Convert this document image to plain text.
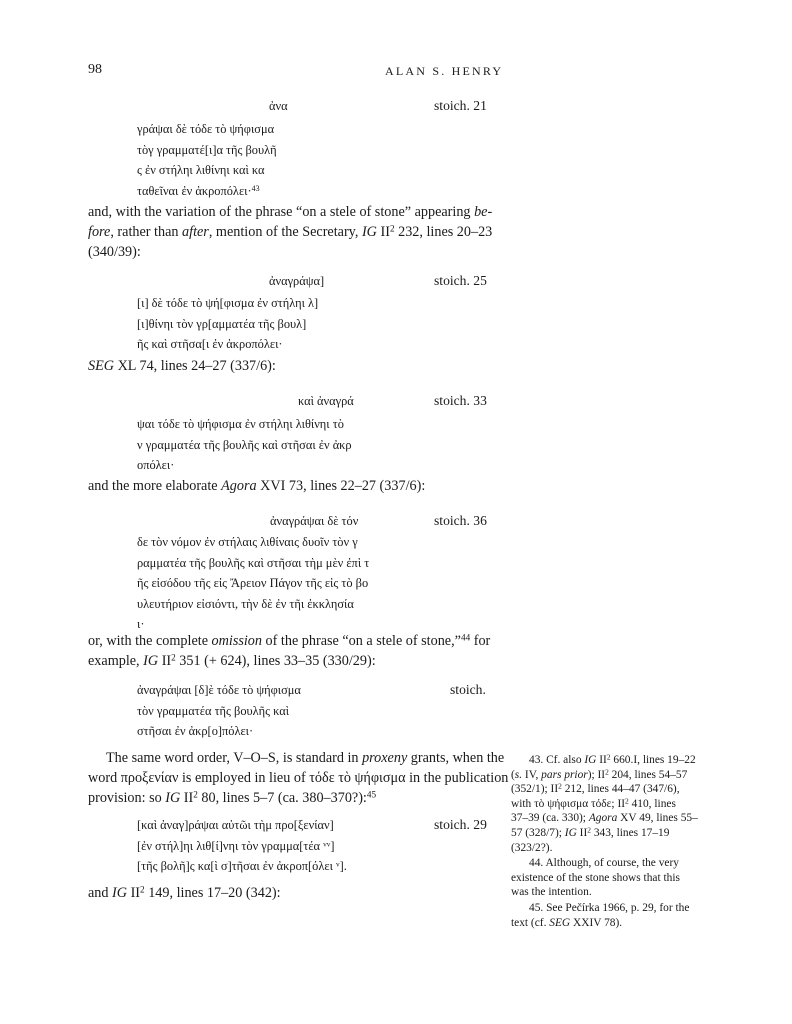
98	ALAN S. HENRY
ἀνα	stoich. 21
γράψαι δὲ τόδε τὸ ψήφισμα
τὸγ γραμματέ[ι]α τῆς βουλῆ
ς ἐν στήληι λιθίνηι καὶ κα
ταθεῖναι ἐν ἀκροπόλει·$^{43}$
and, with the variation of the phrase “on a stele of stone” appearing be-
fore, rather than after, mention of the Secretary, IG $II^2$ 232, lines 20–23
(340/39):
ἀναγράψα]	stoich. 25
[ι] δὲ τόδε τὸ ψή[φισμα ἐν στήληι λ]
[ι]θίνηι τὸν γρ[αμματέα τῆς βουλ]
ῆς καὶ στῆσα[ι ἐν ἀκροπόλει·
SEG XL 74, lines 24–27 (337/6):
καὶ ἀναγρά	stoich. 33
ψαι τόδε τὸ ψήφισμα ἐν στήληι λιθίνηι τὸ
ν γραμματέα τῆς βουλῆς καὶ στῆσαι ἐν ἀκρ
οπόλει·
and the more elaborate Agora XVI 73, lines 22–27 (337/6):
ἀναγράψαι δὲ τόν	stoich. 36
δε τὸν νόμον ἐν στήλαις λιθίναις δυοῖν τὸν γ
ραμματέα τῆς βουλῆς καὶ στῆσαι τὴμ μὲν ἐπὶ τ
ῆς εἰσόδου τῆς εἰς Ἄρειον Πάγον τῆς εἰς τὸ βο
υλευτήριον εἰσιόντι, τὴν δὲ ἐν τῆι ἐκκλησία
ι·
or, with the complete omission of the phrase “on a stele of stone,”$^{44}$ for
example, IG $II^2$ 351 (+ 624), lines 33–35 (330/29):
ἀναγράψαι [δ]ὲ τόδε τὸ ψήφισμα
τὸν γραμματέα τῆς βουλῆς καὶ
στῆσαι ἐν ἀκρ[ο]πόλει·
stoich.
The same word order, V–O–S, is standard in proxeny grants, when the
word προξενίαν is employed in lieu of τόδε τὸ ψήφισμα in the publication
provision: so IG $II^2$ 80, lines 5–7 (ca. 380–370?):$^{45}$
[καὶ ἀναγ]ράψαι αὐτῶι τὴμ προ[ξενίαν]
[ἐν στήλ]ηι λιθ[ί]νηι τὸν γραμμα[τέα ᵛᵛ]
[τῆς βολῆ]ς κα[ὶ σ]τῆσαι ἐν ἀκροπ[όλει ᵛ].
stoich. 29
and IG $II^2$ 149, lines 17–20 (342):
43. Cf. also IG $II^2$ 660.I, lines 19–22
(s. IV, pars prior); $II^2$ 204, lines 54–57
(352/1); $II^2$ 212, lines 44–47 (347/6),
with τὸ ψήφισμα τόδε; $II^2$ 410, lines
37–39 (ca. 330); Agora XV 49, lines 55–
57 (328/7); IG $II^2$ 343, lines 17–19
(323/2?).
44. Although, of course, the very
existence of the stone shows that this
was the intention.
45. See Pečírka 1966, p. 29, for the
text (cf. SEG XXIV 78).
